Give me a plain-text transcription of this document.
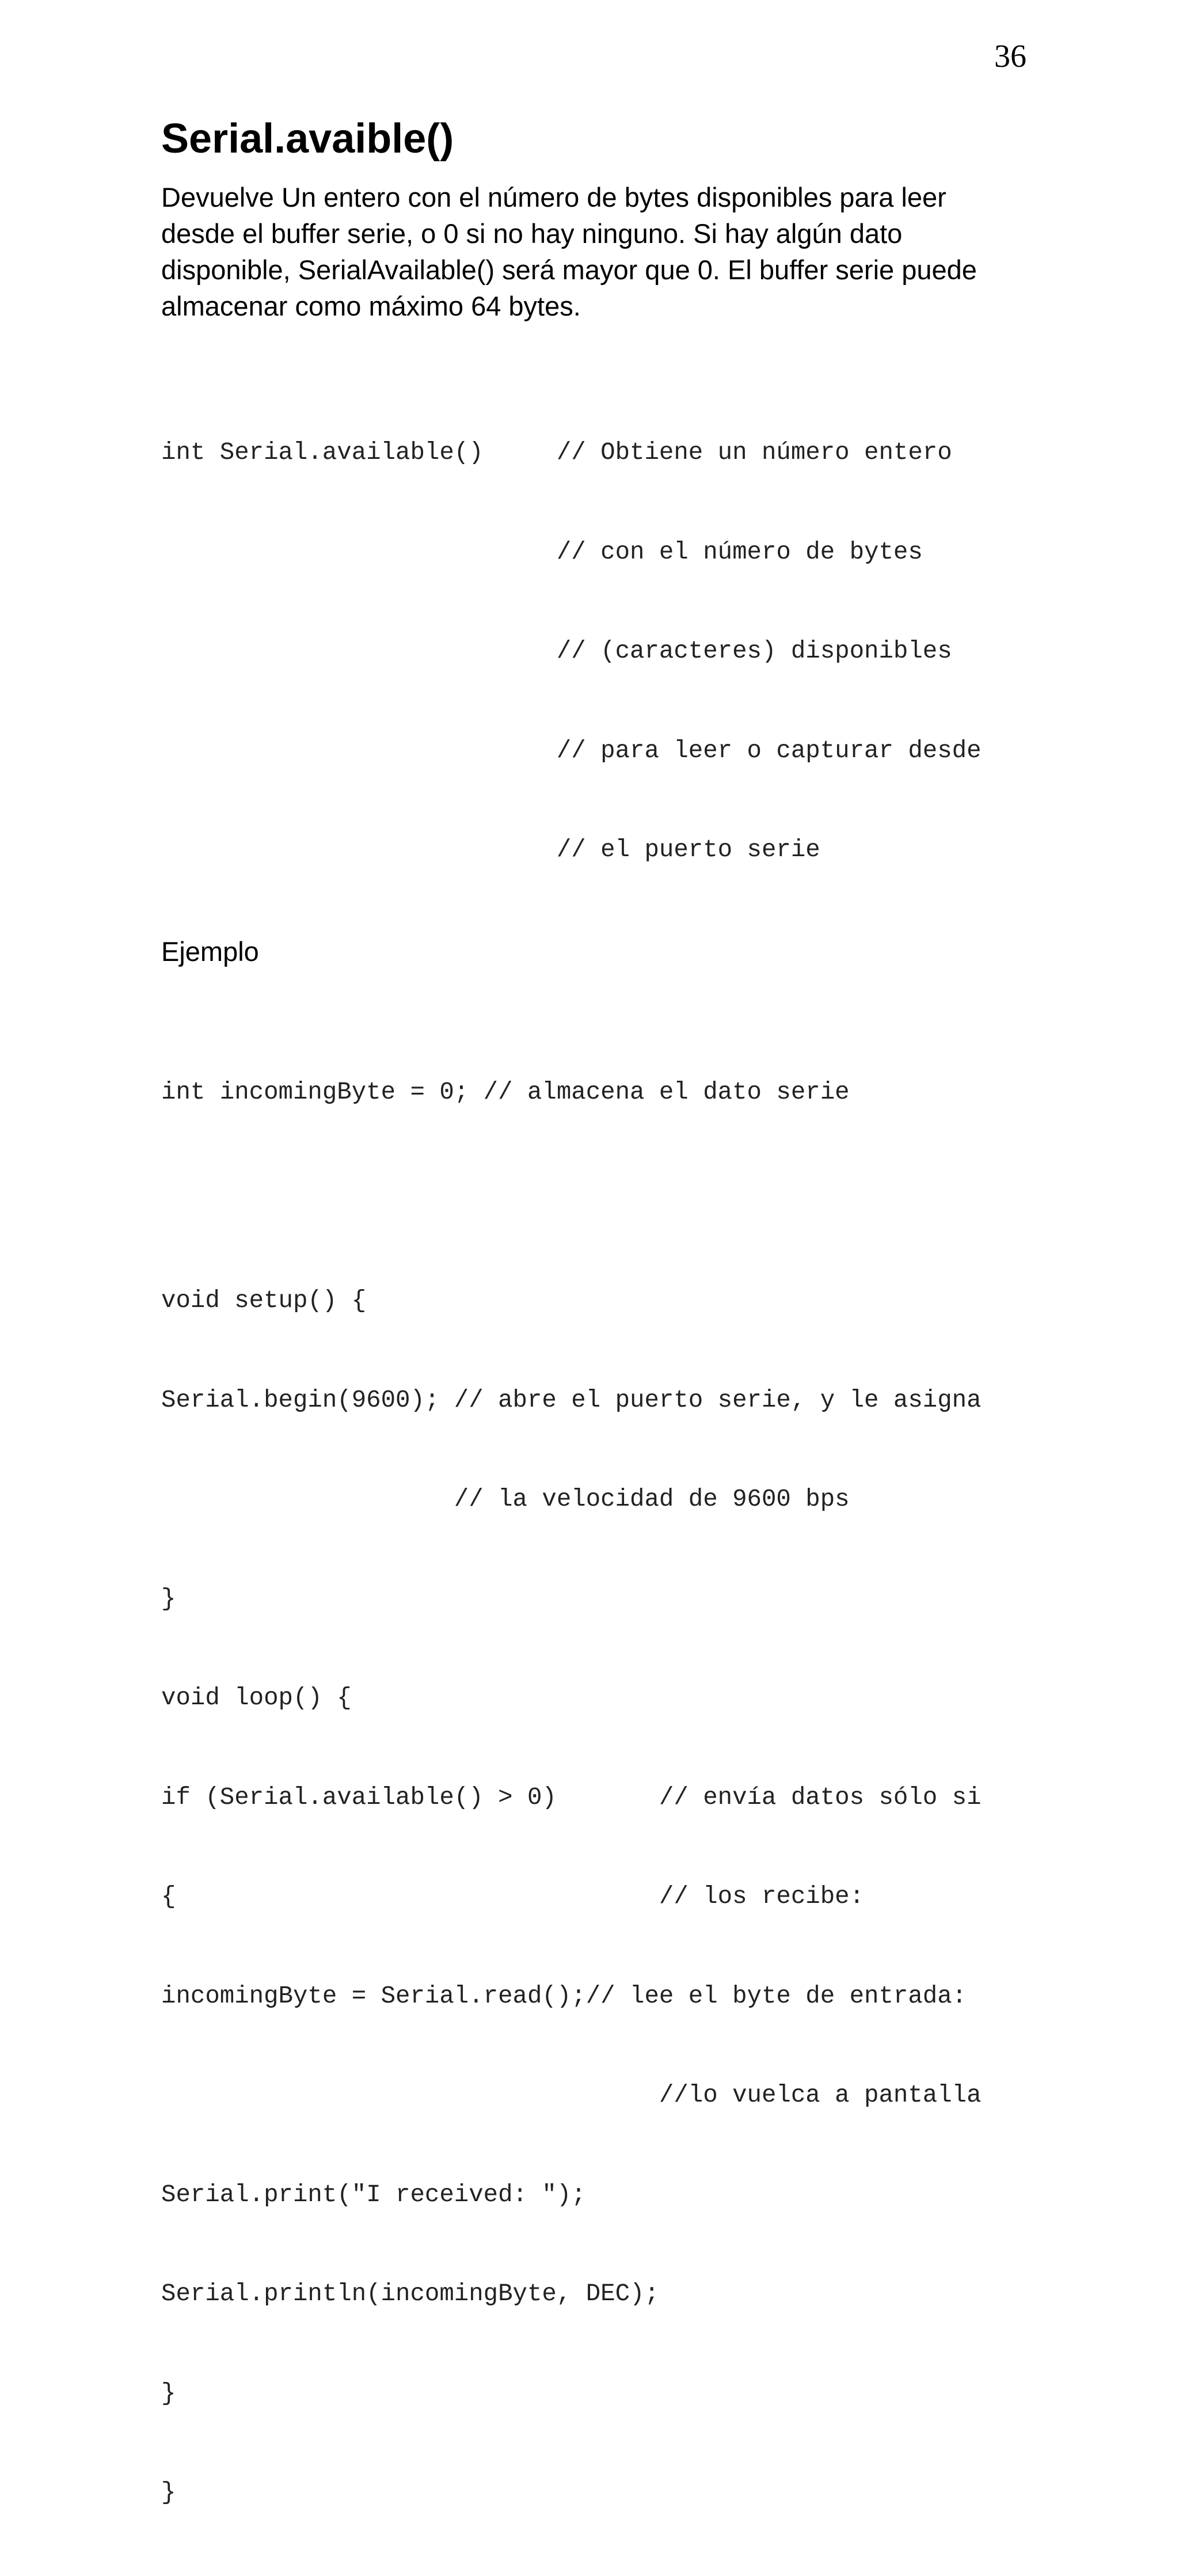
36
Serial.avaible()

Devuelve Un entero con el número de bytes disponibles para leer
desde el buffer serie, o 0 si no hay ninguno. Si hay algún dato
disponible, SerialAvailable() será mayor que 0. El buffer serie puede
almacenar como máximo 64 bytes.

int Serial.available()     // Obtiene un número entero

// con el número de bytes

// (caracteres) disponibles

// para leer o capturar desde

// el puerto serie

Ejemplo

int incomingByte = 0; // almacena el dato serie

void setup() {

Serial.begin(9600); // abre el puerto serie, y le asigna

// la velocidad de 9600 bps

}

void loop() {

if (Serial.available() > 0)       // envía datos sólo si

{                                 // los recibe:

incomingByte = Serial.read();// lee el byte de entrada:

//lo vuelca a pantalla

Serial.print("I received: ");

Serial.println(incomingByte, DEC);

}

}
